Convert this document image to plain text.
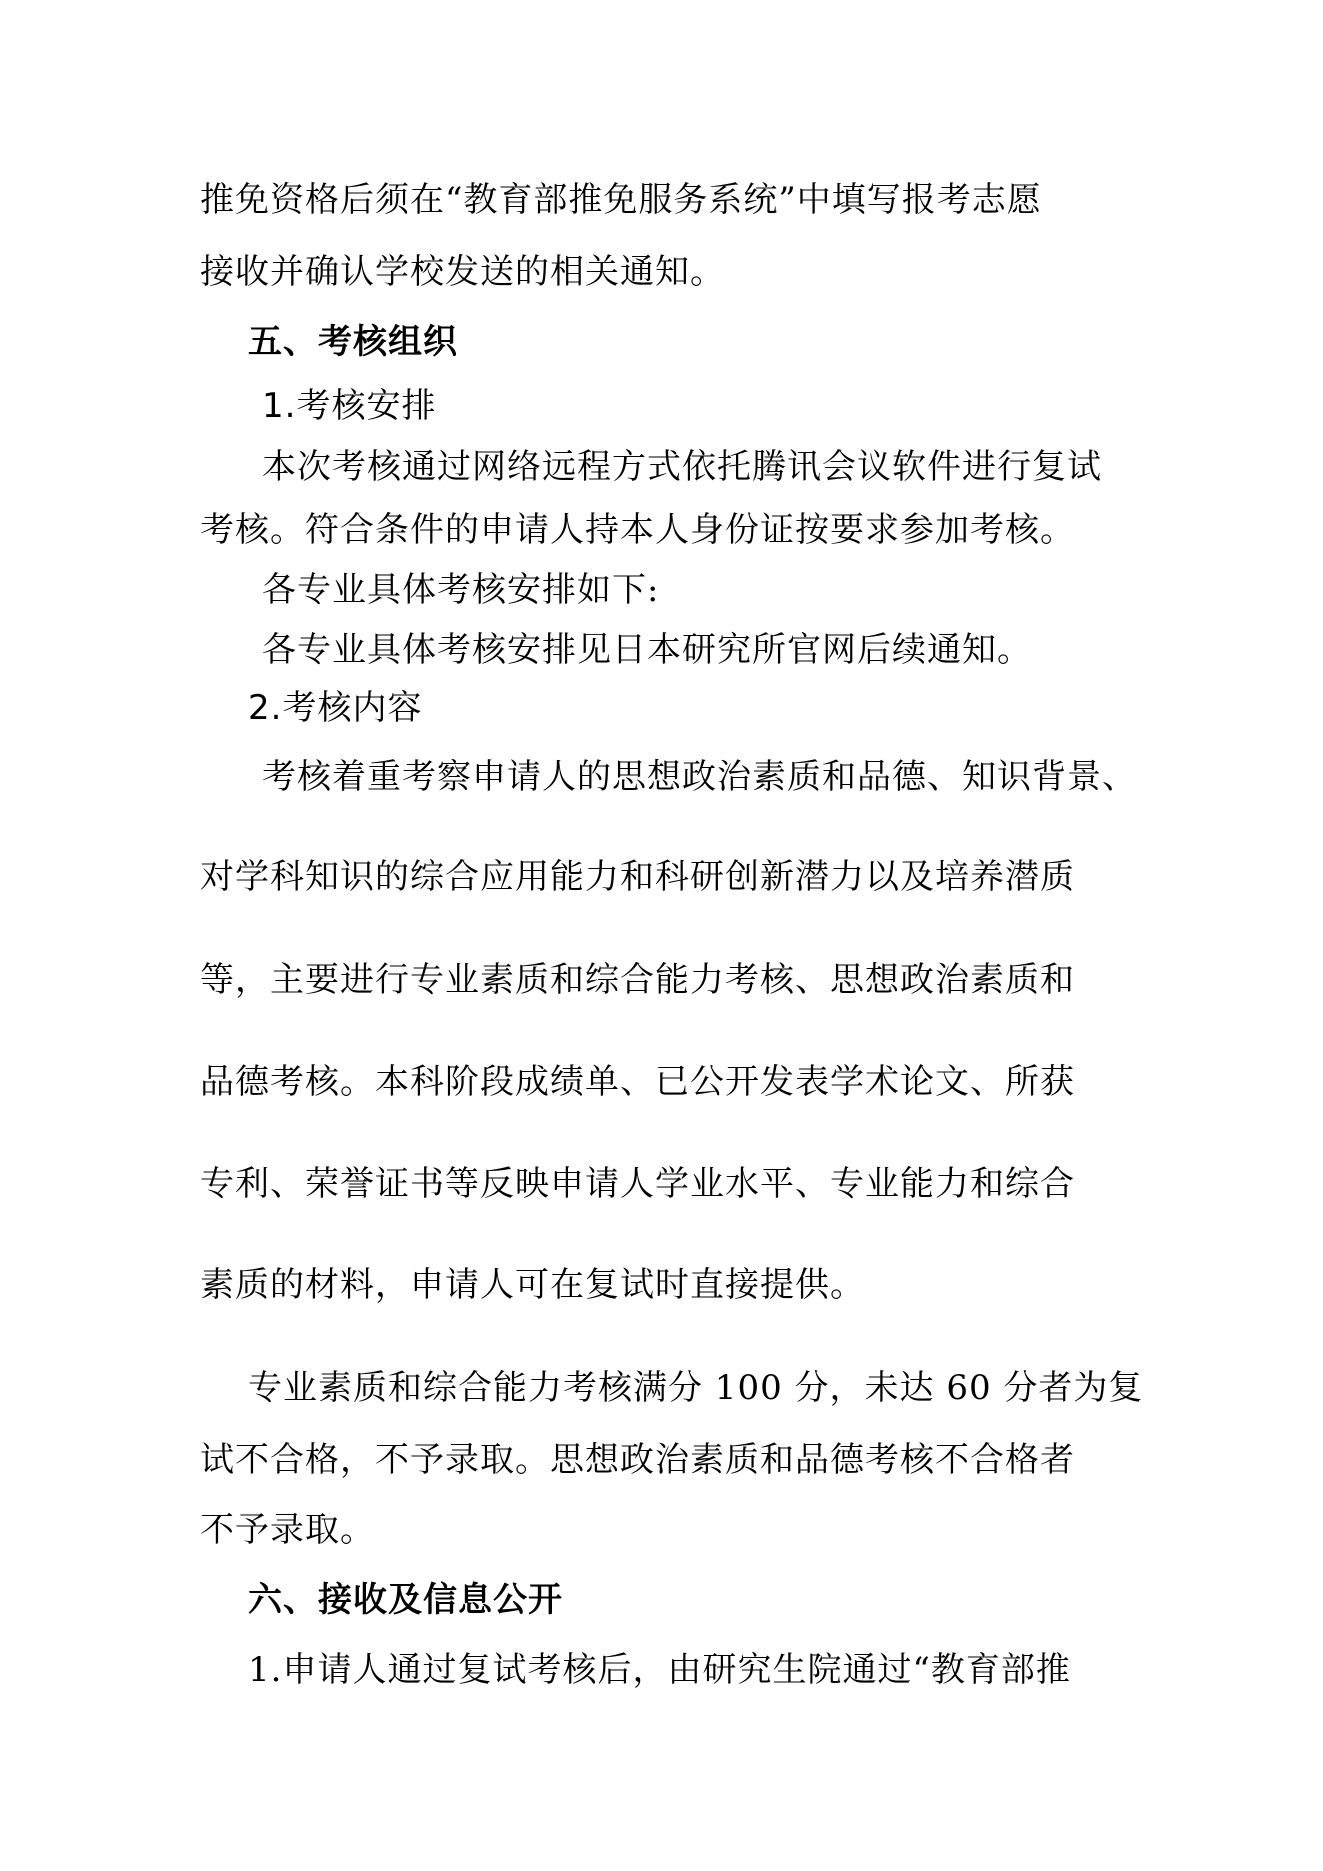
推免资格后须在“教育部推免服务系统”中填写报考志愿
接收并确认学校发送的相关通知。
五、考核组织
1.考核安排
本次考核通过网络远程方式依托腾讯会议软件进行复试
考核。符合条件的申请人持本人身份证按要求参加考核。
各专业具体考核安排如下:
各专业具体考核安排见日本研究所官网后续通知。
2.考核内容
考核着重考察申请人的思想政治素质和品德、知识背景、
对学科知识的综合应用能力和科研创新潜力以及培养潜质
等，主要进行专业素质和综合能力考核、思想政治素质和
品德考核。本科阶段成绩单、已公开发表学术论文、所获
专利、荣誉证书等反映申请人学业水平、专业能力和综合
素质的材料，申请人可在复试时直接提供。
专业素质和综合能力考核满分 100 分，未达 60 分者为复
试不合格，不予录取。思想政治素质和品德考核不合格者
不予录取。
六、接收及信息公开
1.申请人通过复试考核后，由研究生院通过“教育部推
